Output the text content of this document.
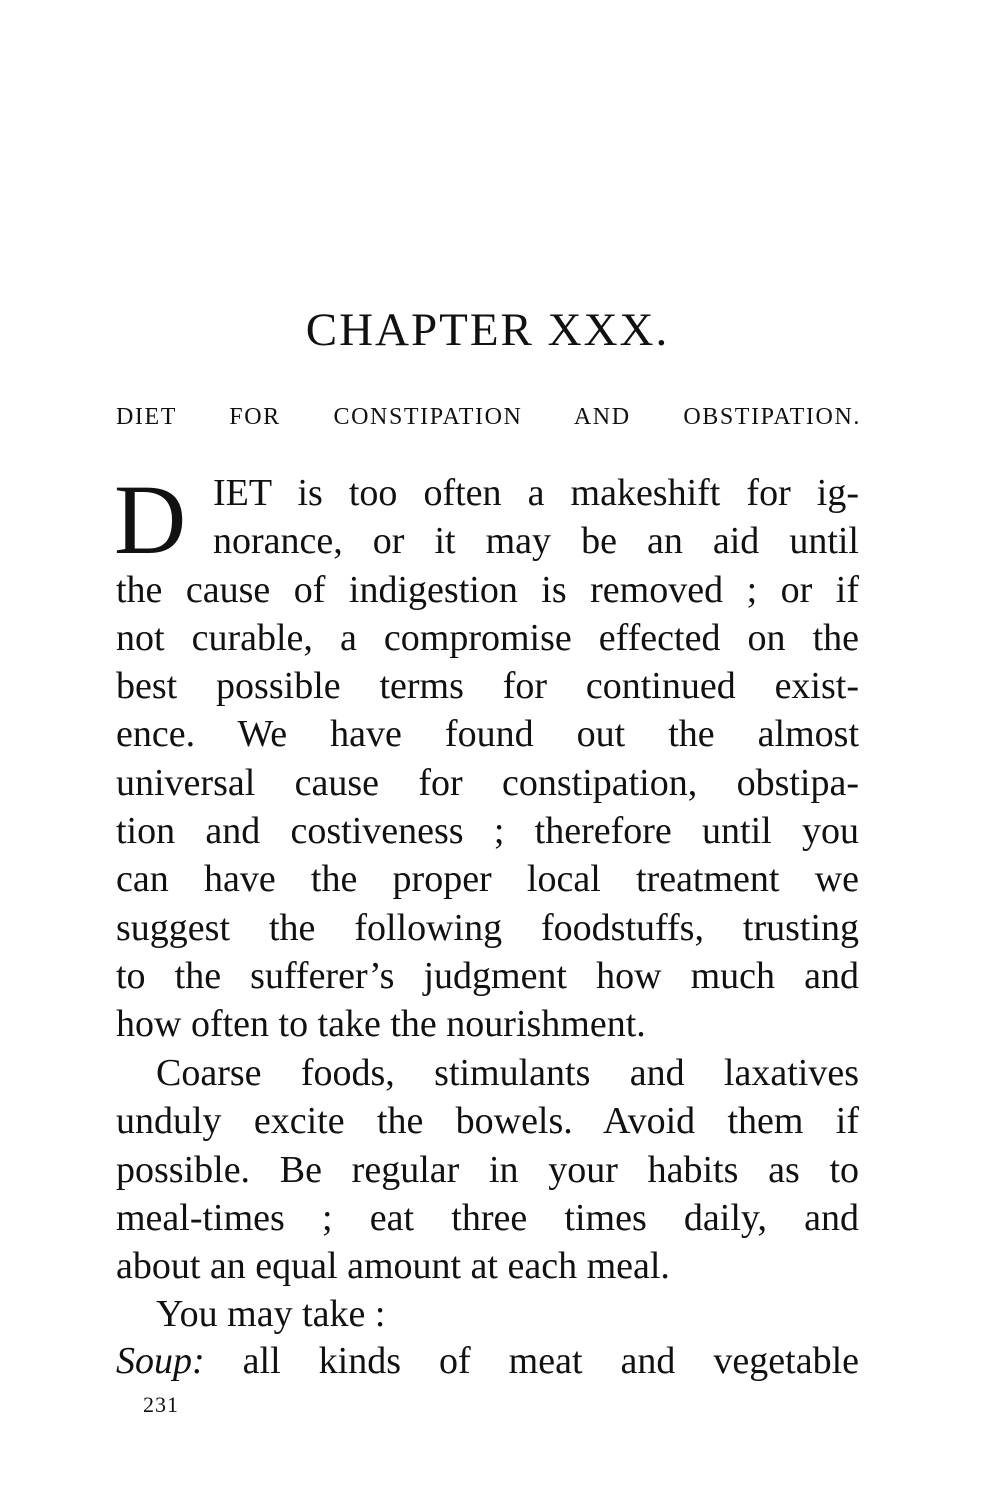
CHAPTER XXX.
DIET FOR CONSTIPATION AND OBSTIPATION.
D IET is too often a makeshift for ig-
norance, or it may be an aid until
the cause of indigestion is removed ; or if
not curable, a compromise effected on the
best possible terms for continued exist-
ence. We have found out the almost
universal cause for constipation, obstipa-
tion and costiveness ; therefore until you
can have the proper local treatment we
suggest the following foodstuffs, trusting
to the sufferer’s judgment how much and
how often to take the nourishment.
Coarse foods, stimulants and laxatives
unduly excite the bowels. Avoid them if
possible. Be regular in your habits as to
meal-times ; eat three times daily, and
about an equal amount at each meal.
You may take :
Soup: all kinds of meat and vegetable
231
